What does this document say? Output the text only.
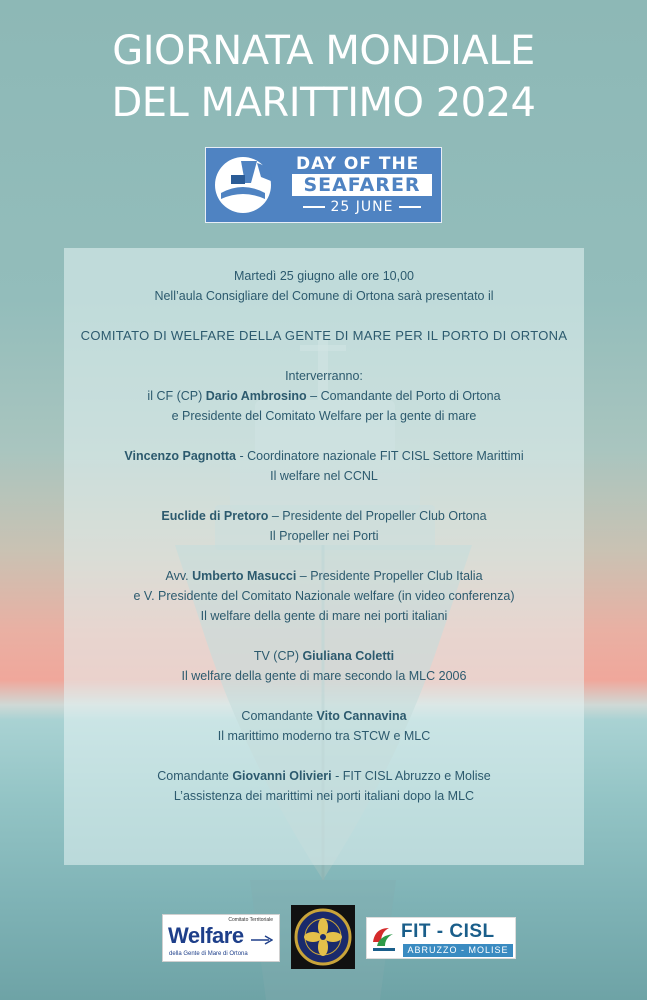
GIORNATA MONDIALE
DEL MARITTIMO 2024
DAY OF THE
SEAFARER
25 JUNE

Martedì 25 giugno alle ore 10,00

Nell’aula Consigliare del Comune di Ortona sarà presentato il

COMITATO DI WELFARE DELLA GENTE DI MARE PER IL PORTO DI ORTONA

Interverranno:

il CF (CP) Dario Ambrosino – Comandante del Porto di Ortona

e Presidente del Comitato Welfare per la gente di mare

Vincenzo Pagnotta - Coordinatore nazionale FIT CISL Settore Marittimi

Il welfare nel CCNL

Euclide di Pretoro – Presidente del Propeller Club Ortona

Il Propeller nei Porti

Avv. Umberto Masucci – Presidente Propeller Club Italia

e V. Presidente del Comitato Nazionale welfare (in video conferenza)

Il welfare della gente di mare nei porti italiani

TV (CP) Giuliana Coletti

Il welfare della gente di mare secondo la MLC 2006

Comandante Vito Cannavina

Il marittimo moderno tra STCW e MLC

Comandante Giovanni Olivieri - FIT CISL Abruzzo e Molise

L’assistenza dei marittimi nei porti italiani dopo la MLC

Comitato Territoriale
Welfare
della Gente di Mare di Ortona
FIT - CISL
ABRUZZO - MOLISE
